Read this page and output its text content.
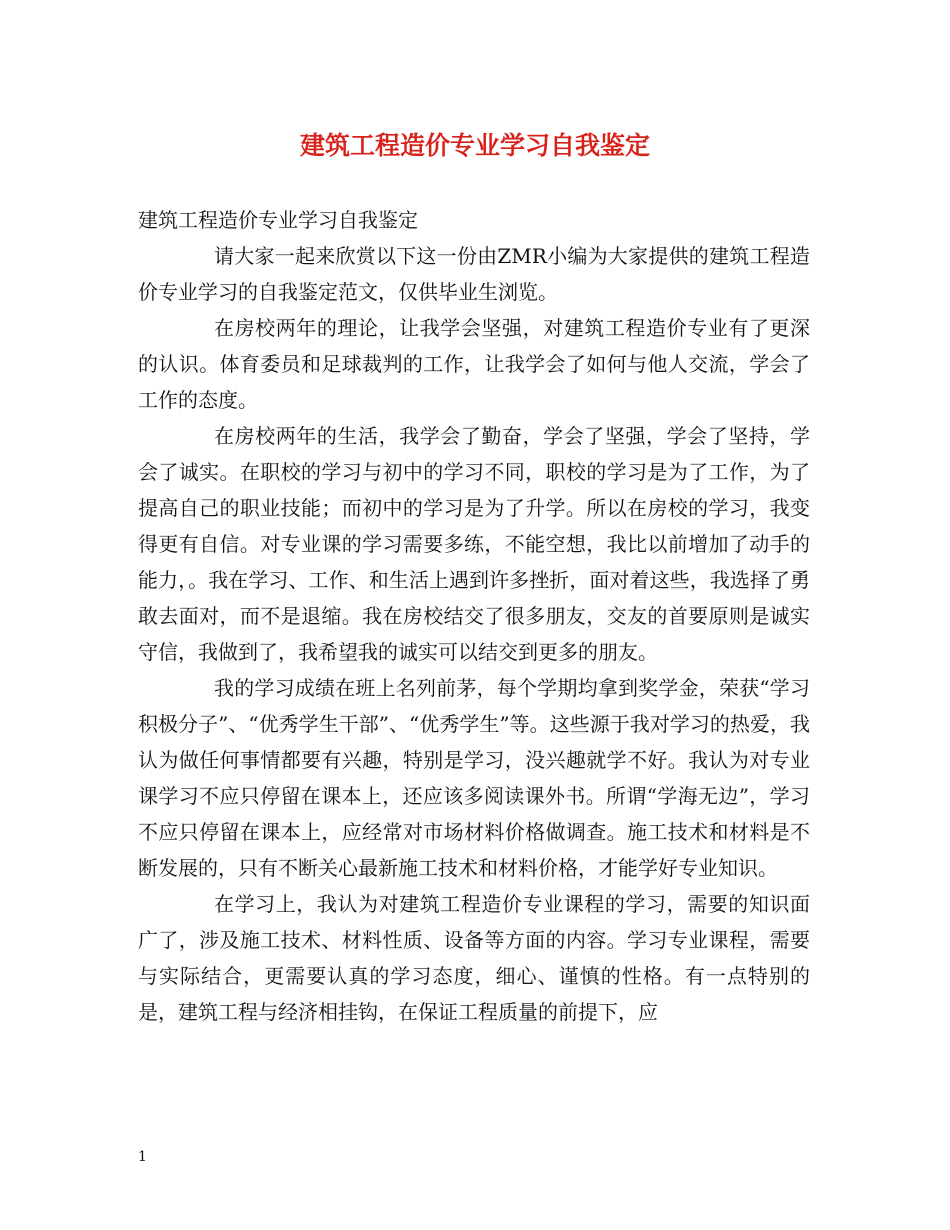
建筑工程造价专业学习自我鉴定

建筑工程造价专业学习自我鉴定

请大家一起来欣赏以下这一份由ZMR小编为大家提供的建筑工程造价专业学习的自我鉴定范文，仅供毕业生浏览。

在房校两年的理论，让我学会坚强，对建筑工程造价专业有了更深的认识。体育委员和足球裁判的工作，让我学会了如何与他人交流，学会了工作的态度。

在房校两年的生活，我学会了勤奋，学会了坚强，学会了坚持，学会了诚实。在职校的学习与初中的学习不同，职校的学习是为了工作，为了提高自己的职业技能；而初中的学习是为了升学。所以在房校的学习，我变得更有自信。对专业课的学习需要多练，不能空想，我比以前增加了动手的能力，。我在学习、工作、和生活上遇到许多挫折，面对着这些，我选择了勇敢去面对，而不是退缩。我在房校结交了很多朋友，交友的首要原则是诚实守信，我做到了，我希望我的诚实可以结交到更多的朋友。

我的学习成绩在班上名列前茅，每个学期均拿到奖学金，荣获“学习积极分子”、“优秀学生干部”、“优秀学生”等。这些源于我对学习的热爱，我认为做任何事情都要有兴趣，特别是学习，没兴趣就学不好。我认为对专业课学习不应只停留在课本上，还应该多阅读课外书。所谓“学海无边”，学习不应只停留在课本上，应经常对市场材料价格做调查。施工技术和材料是不断发展的，只有不断关心最新施工技术和材料价格，才能学好专业知识。

在学习上，我认为对建筑工程造价专业课程的学习，需要的知识面广了，涉及施工技术、材料性质、设备等方面的内容。学习专业课程，需要与实际结合，更需要认真的学习态度，细心、谨慎的性格。有一点特别的是，建筑工程与经济相挂钩，在保证工程质量的前提下，应

1
